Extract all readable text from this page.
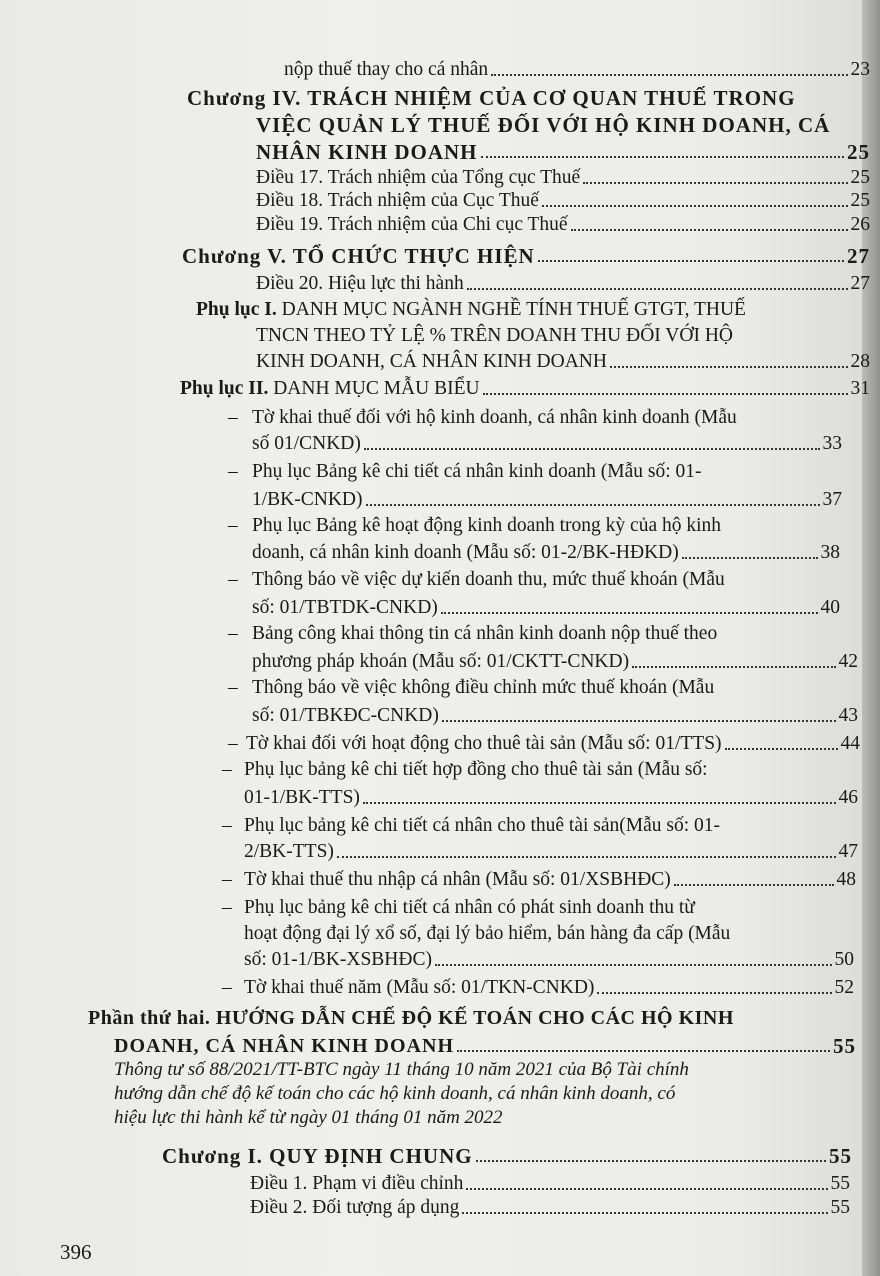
nộp thuế thay cho cá nhân	23
Chương IV. TRÁCH NHIỆM CỦA CƠ QUAN THUẾ TRONG
VIỆC QUẢN LÝ THUẾ ĐỐI VỚI HỘ KINH DOANH, CÁ
NHÂN KINH DOANH	25
Điều 17. Trách nhiệm của Tổng cục Thuế	25
Điều 18. Trách nhiệm của Cục Thuế	25
Điều 19. Trách nhiệm của Chi cục Thuế	26
Chương V. TỔ CHỨC THỰC HIỆN	27
Điều 20. Hiệu lực thi hành	27
Phụ lục I. DANH MỤC NGÀNH NGHỀ TÍNH THUẾ GTGT, THUẾ
TNCN THEO TỶ LỆ % TRÊN DOANH THU ĐỐI VỚI HỘ
KINH DOANH, CÁ NHÂN KINH DOANH	28
Phụ lục II. DANH MỤC MẪU BIỂU	31
– Tờ khai thuế đối với hộ kinh doanh, cá nhân kinh doanh (Mẫu
số 01/CNKD)	33
– Phụ lục Bảng kê chi tiết cá nhân kinh doanh (Mẫu số: 01-
1/BK-CNKD)	37
– Phụ lục Bảng kê hoạt động kinh doanh trong kỳ của hộ kinh
doanh, cá nhân kinh doanh (Mẫu số: 01-2/BK-HĐKD)	38
– Thông báo về việc dự kiến doanh thu, mức thuế khoán (Mẫu
số: 01/TBTDK-CNKD)	40
– Bảng công khai thông tin cá nhân kinh doanh nộp thuế theo
phương pháp khoán (Mẫu số: 01/CKTT-CNKD)	42
– Thông báo về việc không điều chỉnh mức thuế khoán (Mẫu
số: 01/TBKĐC-CNKD)	43
– Tờ khai đối với hoạt động cho thuê tài sản (Mẫu số: 01/TTS)	44
– Phụ lục bảng kê chi tiết hợp đồng cho thuê tài sản (Mẫu số:
01-1/BK-TTS)	46
– Phụ lục bảng kê chi tiết cá nhân cho thuê tài sản(Mẫu số: 01-
2/BK-TTS)	47
– Tờ khai thuế thu nhập cá nhân (Mẫu số: 01/XSBHĐC)	48
– Phụ lục bảng kê chi tiết cá nhân có phát sinh doanh thu từ
hoạt động đại lý xổ số, đại lý bảo hiểm, bán hàng đa cấp (Mẫu
số: 01-1/BK-XSBHĐC)	50
– Tờ khai thuế năm (Mẫu số: 01/TKN-CNKD)	52
Phần thứ hai. HƯỚNG DẪN CHẾ ĐỘ KẾ TOÁN CHO CÁC HỘ KINH
DOANH, CÁ NHÂN KINH DOANH	55
Thông tư số 88/2021/TT-BTC ngày 11 tháng 10 năm 2021 của Bộ Tài chính
hướng dẫn chế độ kế toán cho các hộ kinh doanh, cá nhân kinh doanh, có
hiệu lực thi hành kể từ ngày 01 tháng 01 năm 2022
Chương I. QUY ĐỊNH CHUNG	55
Điều 1. Phạm vi điều chỉnh	55
Điều 2. Đối tượng áp dụng	55
396
